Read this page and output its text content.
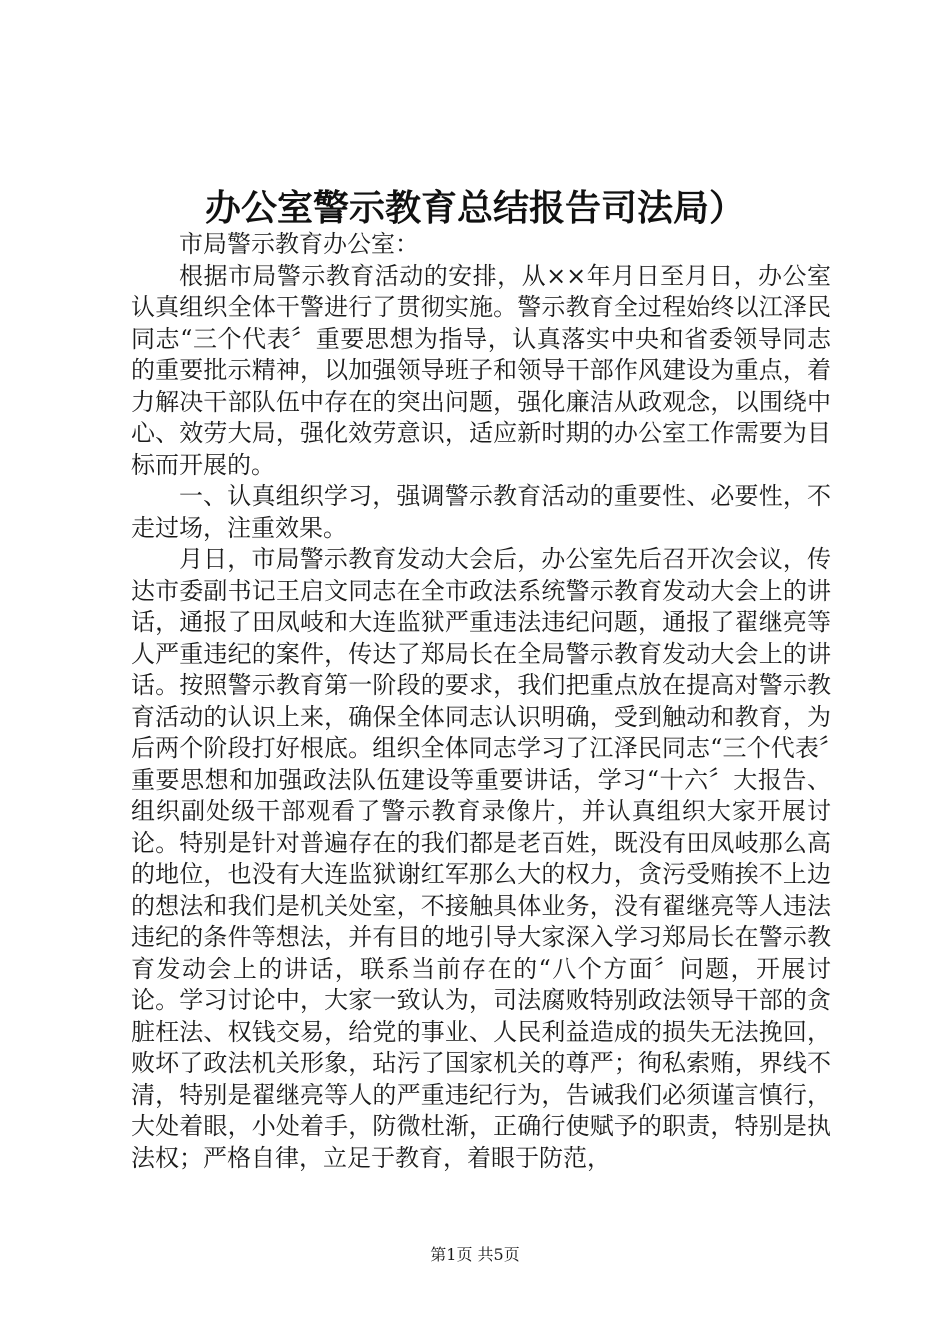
办公室警示教育总结报告司法局）

市局警示教育办公室：

根据市局警示教育活动的安排，从××年月日至月日，办公室认真组织全体干警进行了贯彻实施。警示教育全过程始终以江泽民同志“三个代表〞重要思想为指导，认真落实中央和省委领导同志的重要批示精神，以加强领导班子和领导干部作风建设为重点，着力解决干部队伍中存在的突出问题，强化廉洁从政观念，以围绕中心、效劳大局，强化效劳意识，适应新时期的办公室工作需要为目标而开展的。

一、认真组织学习，强调警示教育活动的重要性、必要性，不走过场，注重效果。

月日，市局警示教育发动大会后，办公室先后召开次会议，传达市委副书记王启文同志在全市政法系统警示教育发动大会上的讲话，通报了田凤岐和大连监狱严重违法违纪问题，通报了翟继亮等人严重违纪的案件，传达了郑局长在全局警示教育发动大会上的讲话。按照警示教育第一阶段的要求，我们把重点放在提高对警示教育活动的认识上来，确保全体同志认识明确，受到触动和教育，为后两个阶段打好根底。组织全体同志学习了江泽民同志“三个代表〞重要思想和加强政法队伍建设等重要讲话，学习“十六〞大报告、组织副处级干部观看了警示教育录像片，并认真组织大家开展讨论。特别是针对普遍存在的我们都是老百姓，既没有田凤岐那么高的地位，也没有大连监狱谢红军那么大的权力，贪污受贿挨不上边的想法和我们是机关处室，不接触具体业务，没有翟继亮等人违法违纪的条件等想法，并有目的地引导大家深入学习郑局长在警示教育发动会上的讲话，联系当前存在的“八个方面〞问题，开展讨论。学习讨论中，大家一致认为，司法腐败特别政法领导干部的贪脏枉法、权钱交易，给党的事业、人民利益造成的损失无法挽回，败坏了政法机关形象，玷污了国家机关的尊严；徇私索贿，界线不清，特别是翟继亮等人的严重违纪行为，告诫我们必须谨言慎行，大处着眼，小处着手，防微杜渐，正确行使赋予的职责，特别是执法权；严格自律，立足于教育，着眼于防范，

第1页 共5页
